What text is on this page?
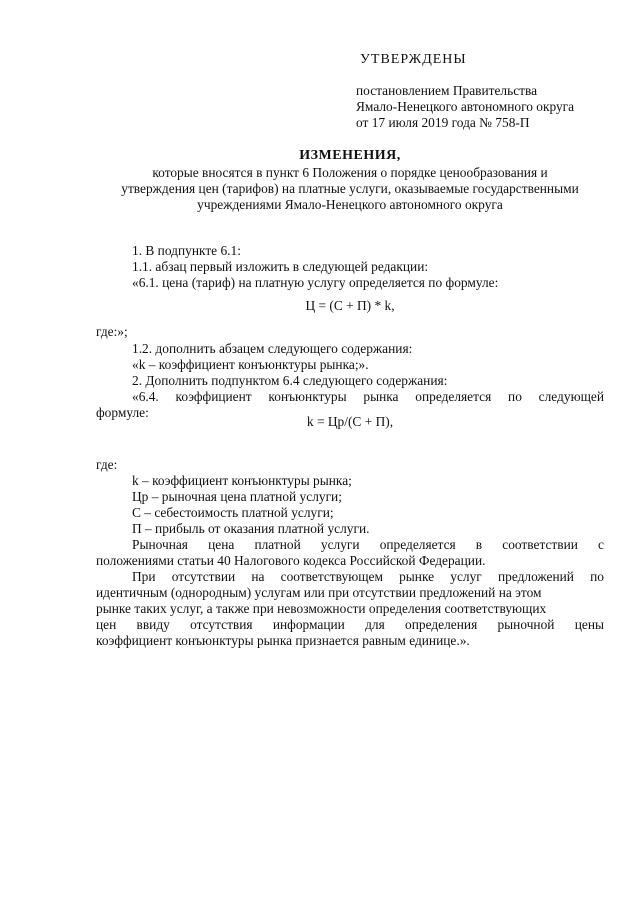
УТВЕРЖДЕНЫ
постановлением Правительства
Ямало-Ненецкого автономного округа
от 17 июля 2019 года № 758-П
ИЗМЕНЕНИЯ,
которые вносятся в пункт 6 Положения о порядке ценообразования и
утверждения цен (тарифов) на платные услуги, оказываемые государственными
учреждениями Ямало-Ненецкого автономного округа
1. В подпункте 6.1:
1.1. абзац первый изложить в следующей редакции:
«6.1. цена (тариф) на платную услугу определяется по формуле:
Ц = (С + П) * k,
где:»;
1.2. дополнить абзацем следующего содержания:
«k – коэффициент конъюнктуры рынка;».
2. Дополнить подпунктом 6.4 следующего содержания:
«6.4. коэффициент конъюнктуры рынка определяется по следующей
формуле:
k = Цр/(С + П),
где:
k – коэффициент конъюнктуры рынка;
Цр – рыночная цена платной услуги;
С – себестоимость платной услуги;
П – прибыль от оказания платной услуги.
Рыночная цена платной услуги определяется в соответствии с
положениями статьи 40 Налогового кодекса Российской Федерации.
При отсутствии на соответствующем рынке услуг предложений по
идентичным (однородным) услугам или при отсутствии предложений на этом
рынке таких услуг, а также при невозможности определения соответствующих
цен ввиду отсутствия информации для определения рыночной цены
коэффициент конъюнктуры рынка признается равным единице.».
